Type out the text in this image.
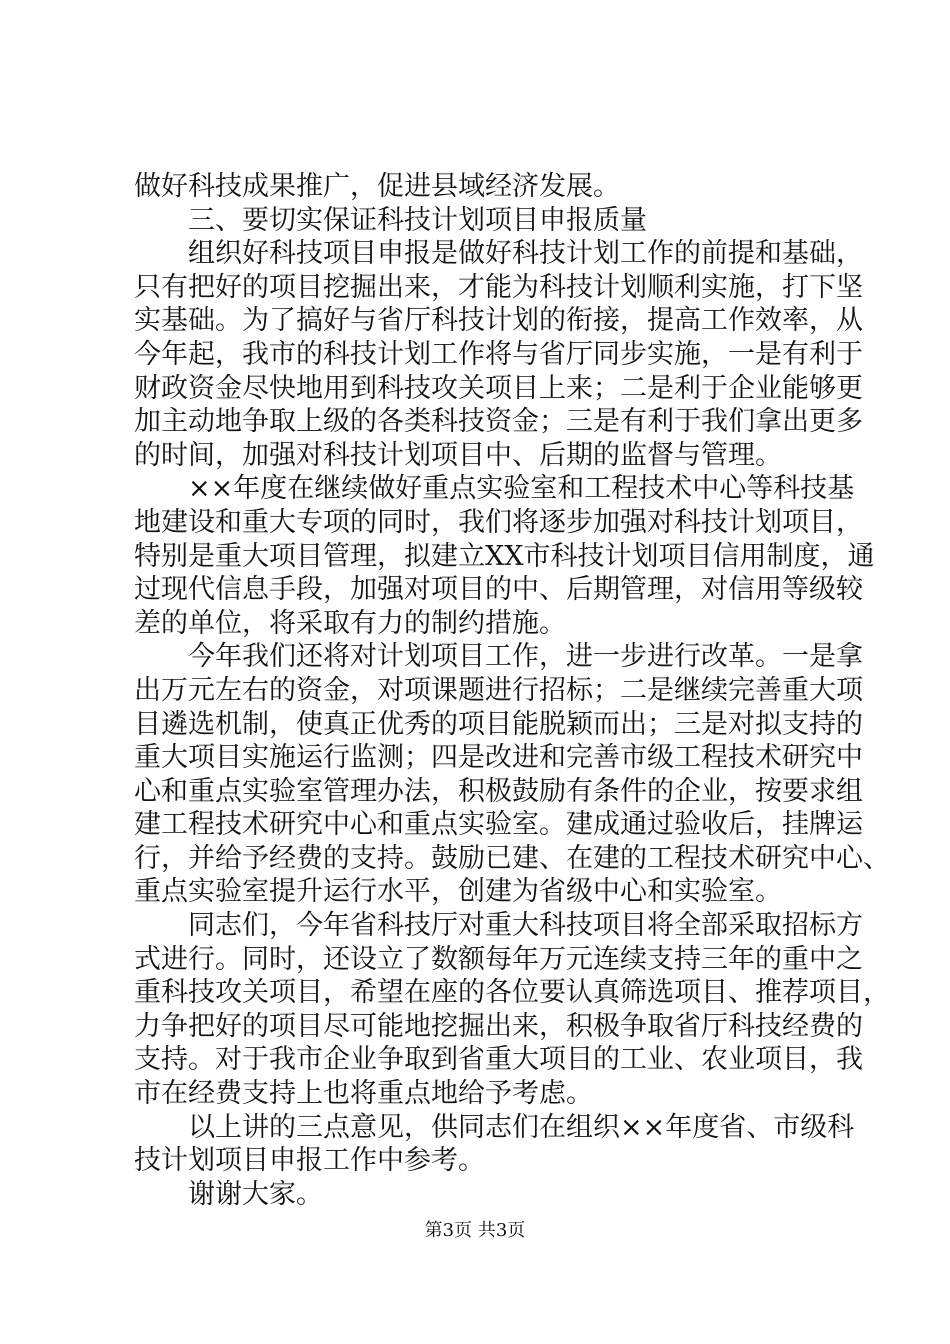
做好科技成果推广，促进县域经济发展。
三、要切实保证科技计划项目申报质量
组织好科技项目申报是做好科技计划工作的前提和基础，
只有把好的项目挖掘出来，才能为科技计划顺利实施，打下坚
实基础。为了搞好与省厅科技计划的衔接，提高工作效率，从
今年起，我市的科技计划工作将与省厅同步实施，一是有利于
财政资金尽快地用到科技攻关项目上来；二是利于企业能够更
加主动地争取上级的各类科技资金；三是有利于我们拿出更多
的时间，加强对科技计划项目中、后期的监督与管理。
××年度在继续做好重点实验室和工程技术中心等科技基
地建设和重大专项的同时，我们将逐步加强对科技计划项目，
特别是重大项目管理，拟建立XX市科技计划项目信用制度，通
过现代信息手段，加强对项目的中、后期管理，对信用等级较
差的单位，将采取有力的制约措施。
今年我们还将对计划项目工作，进一步进行改革。一是拿
出万元左右的资金，对项课题进行招标；二是继续完善重大项
目遴选机制，使真正优秀的项目能脱颖而出；三是对拟支持的
重大项目实施运行监测；四是改进和完善市级工程技术研究中
心和重点实验室管理办法，积极鼓励有条件的企业，按要求组
建工程技术研究中心和重点实验室。建成通过验收后，挂牌运
行，并给予经费的支持。鼓励已建、在建的工程技术研究中心、
重点实验室提升运行水平，创建为省级中心和实验室。
同志们，今年省科技厅对重大科技项目将全部采取招标方
式进行。同时，还设立了数额每年万元连续支持三年的重中之
重科技攻关项目，希望在座的各位要认真筛选项目、推荐项目，
力争把好的项目尽可能地挖掘出来，积极争取省厅科技经费的
支持。对于我市企业争取到省重大项目的工业、农业项目，我
市在经费支持上也将重点地给予考虑。
以上讲的三点意见，供同志们在组织××年度省、市级科
技计划项目申报工作中参考。
谢谢大家。
第3页 共3页
